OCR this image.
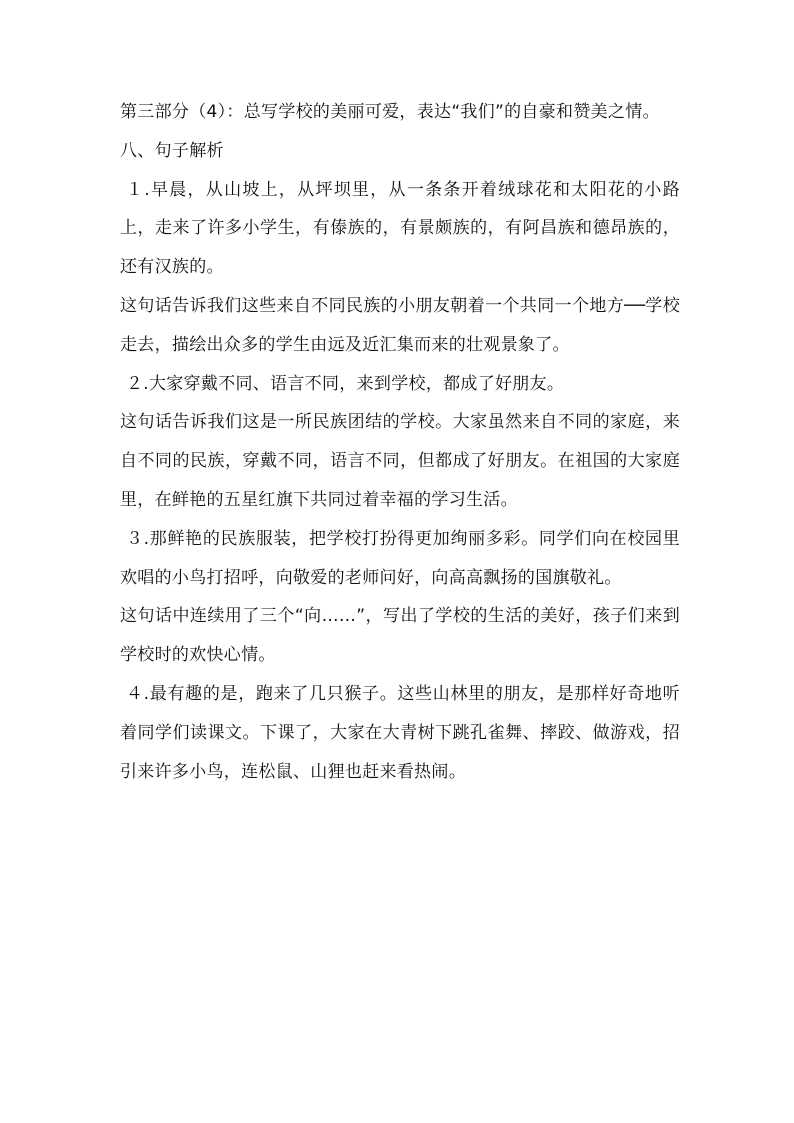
第三部分（4）：总写学校的美丽可爱，表达“我们”的自豪和赞美之情。

八、句子解析

１.早晨，从山坡上，从坪坝里，从一条条开着绒球花和太阳花的小路上，走来了许多小学生，有傣族的，有景颇族的，有阿昌族和德昂族的，还有汉族的。

这句话告诉我们这些来自不同民族的小朋友朝着一个共同一个地方──学校走去，描绘出众多的学生由远及近汇集而来的壮观景象了。

２.大家穿戴不同、语言不同，来到学校，都成了好朋友。

这句话告诉我们这是一所民族团结的学校。大家虽然来自不同的家庭，来自不同的民族，穿戴不同，语言不同，但都成了好朋友。在祖国的大家庭里，在鲜艳的五星红旗下共同过着幸福的学习生活。

３.那鲜艳的民族服装，把学校打扮得更加绚丽多彩。同学们向在校园里欢唱的小鸟打招呼，向敬爱的老师问好，向高高飘扬的国旗敬礼。

这句话中连续用了三个“向……”，写出了学校的生活的美好，孩子们来到学校时的欢快心情。

４.最有趣的是，跑来了几只猴子。这些山林里的朋友，是那样好奇地听着同学们读课文。下课了，大家在大青树下跳孔雀舞、摔跤、做游戏，招引来许多小鸟，连松鼠、山狸也赶来看热闹。
